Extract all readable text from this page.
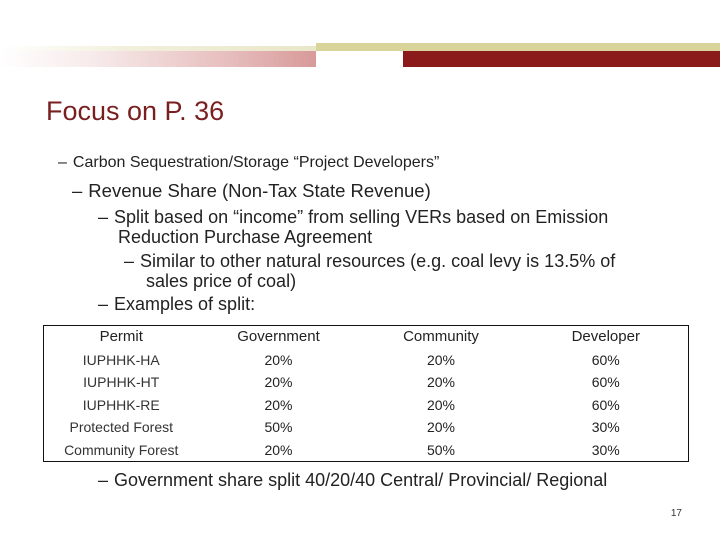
Focus on P. 36

– Carbon Sequestration/Storage “Project Developers”

– Revenue Share (Non-Tax State Revenue)

– Split based on “income” from selling VERs based on Emission
Reduction Purchase Agreement

– Similar to other natural resources (e.g. coal levy is 13.5% of
sales price of coal)

– Examples of split:

Permit	Government	Community	Developer
IUPHHK-HA	20%	20%	60%
IUPHHK-HT	20%	20%	60%
IUPHHK-RE	20%	20%	60%
Protected Forest	50%	20%	30%
Community Forest	20%	50%	30%

– Government share split 40/20/40 Central/ Provincial/ Regional

17
